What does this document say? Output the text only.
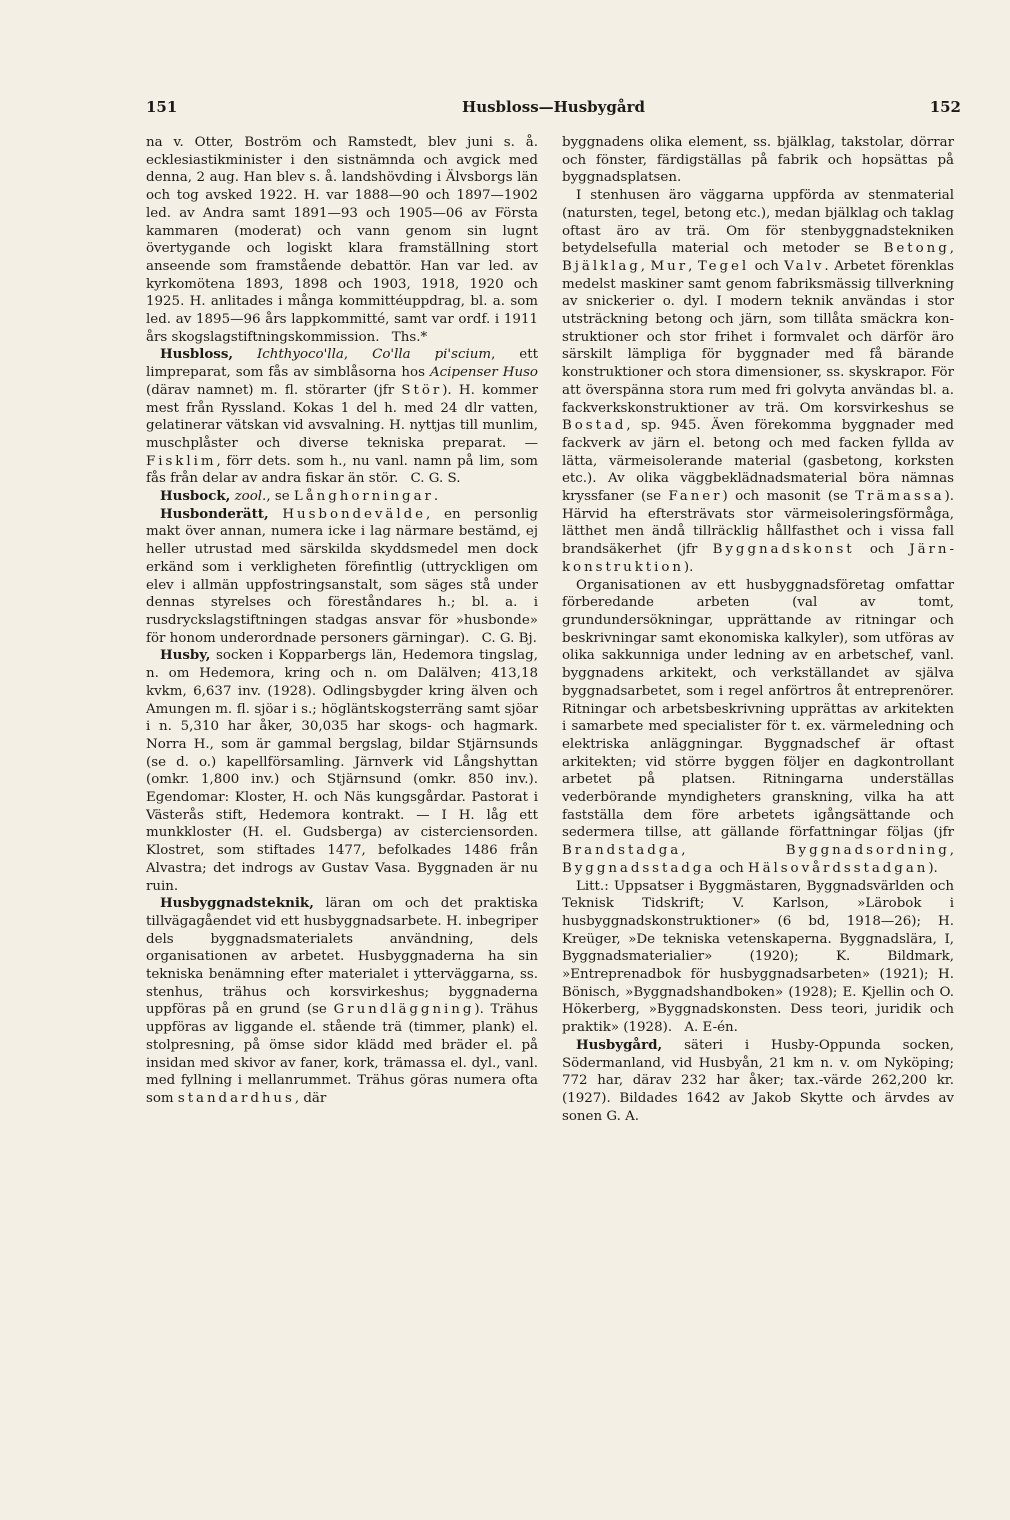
151	Husbloss—Husbygård	152

na v. Otter, Boström och Ramstedt, blev juni s. å. ecklesiastikminister i den sistnämnda och avgick med denna, 2 aug. Han blev s. å. landshövding i Älvsborgs län och tog avsked 1922. H. var 1888—90 och 1897—1902 led. av Andra samt 1891—93 och 1905—06 av Första kammaren (moderat) och vann genom sin lugnt övertygande och logiskt klara framställning stort anseende som framstående debattör. Han var led. av kyrkomötena 1893, 1898 och 1903, 1918, 1920 och 1925. H. anlitades i många kommittéuppdrag, bl. a. som led. av 1895—96 års lappkommitté, samt var ordf. i 1911 års skogslagstiftningskommission. Ths.*

Husbloss, Ichthyoco'lla, Co'lla pi'scium, ett limpreparat, som fås av simblåsorna hos Acipenser Huso (därav namnet) m. fl. störarter (jfr Stör). H. kommer mest från Ryssland. Kokas 1 del h. med 24 dlr vatten, gelatinerar vätskan vid avsvalning. H. nyttjas till munlim, muschplåster och diverse tekniska preparat. — Fisklim, förr dets. som h., nu vanl. namn på lim, som fås från delar av andra fiskar än stör. C. G. S.

Husbock, zool., se Långhorningar.

Husbonderätt, Husbondevälde, en personlig makt över annan, numera icke i lag närmare bestämd, ej heller utrustad med särskilda skyddsmedel men dock erkänd som i verkligheten förefintlig (uttryckligen om elev i allmän uppfostringsanstalt, som säges stå under dennas styrelses och föreståndares h.; bl. a. i rusdryckslagstiftningen stadgas ansvar för »husbonde» för honom underordnade personers gärningar). C. G. Bj.

Husby, socken i Kopparbergs län, Hedemora tingslag, n. om Hedemora, kring och n. om Dalälven; 413,18 kvkm, 6,637 inv. (1928). Odlingsbygder kring älven och Amungen m. fl. sjöar i s.; högläntskogsterräng samt sjöar i n. 5,310 har åker, 30,035 har skogs- och hagmark. Norra H., som är gammal bergslag, bildar Stjärnsunds (se d. o.) kapellförsamling. Järnverk vid Långshyttan (omkr. 1,800 inv.) och Stjärnsund (omkr. 850 inv.). Egendomar: Kloster, H. och Näs kungsgårdar. Pastorat i Västerås stift, Hedemora kontrakt. — I H. låg ett munkkloster (H. el. Gudsberga) av cisterciensorden. Klostret, som stiftades 1477, befolkades 1486 från Alvastra; det indrogs av Gustav Vasa. Byggnaden är nu ruin.

Husbyggnadsteknik, läran om och det praktiska tillvägagåendet vid ett husbyggnadsarbete. H. inbegriper dels byggnadsmaterialets användning, dels organisationen av arbetet. Husbyggnaderna ha sin tekniska benämning efter materialet i ytterväggarna, ss. stenhus, trähus och korsvirkeshus; byggnaderna uppföras på en grund (se Grundläggning). Trähus uppföras av liggande el. stående trä (timmer, plank) el. stolpresning, på ömse sidor klädd med bräder el. på insidan med skivor av faner, kork, trämassa el. dyl., vanl. med fyllning i mellanrummet. Trähus göras numera ofta som standardhus, där

byggnadens olika element, ss. bjälklag, takstolar, dörrar och fönster, färdigställas på fabrik och hopsättas på byggnadsplatsen.

I stenhusen äro väggarna uppförda av stenmaterial (natursten, tegel, betong etc.), medan bjälklag och taklag oftast äro av trä. Om för stenbyggnadstekniken betydelsefulla material och metoder se Betong, Bjälklag, Mur, Tegel och Valv. Arbetet förenklas medelst maskiner samt genom fabriksmässig tillverkning av snickerier o. dyl. I modern teknik användas i stor utsträckning betong och järn, som tillåta smäckra konstruktioner och stor frihet i formvalet och därför äro särskilt lämpliga för byggnader med få bärande konstruktioner och stora dimensioner, ss. skyskrapor. För att överspänna stora rum med fri golvyta användas bl. a. fackverkskonstruktioner av trä. Om korsvirkeshus se Bostad, sp. 945. Även förekomma byggnader med fackverk av järn el. betong och med facken fyllda av lätta, värmeisolerande material (gasbetong, korksten etc.). Av olika väggbeklädnadsmaterial böra nämnas kryssfaner (se Faner) och masonit (se Trämassa). Härvid ha eftersträvats stor värmeisoleringsförmåga, lätthet men ändå tillräcklig hållfasthet och i vissa fall brandsäkerhet (jfr Byggnadskonst och Järnkonstruktion).

Organisationen av ett husbyggnadsföretag omfattar förberedande arbeten (val av tomt, grundundersökningar, upprättande av ritningar och beskrivningar samt ekonomiska kalkyler), som utföras av olika sakkunniga under ledning av en arbetschef, vanl. byggnadens arkitekt, och verkställandet av själva byggnadsarbetet, som i regel anförtros åt entreprenörer. Ritningar och arbetsbeskrivning upprättas av arkitekten i samarbete med specialister för t. ex. värmeledning och elektriska anläggningar. Byggnadschef är oftast arkitekten; vid större byggen följer en dagkontrollant arbetet på platsen. Ritningarna underställas vederbörande myndigheters granskning, vilka ha att fastställa dem före arbetets igångsättande och sedermera tillse, att gällande författningar följas (jfr Brandstadga, Byggnadsordning, Byggnadsstadga och Hälsovårdsstadgan).

Litt.: Uppsatser i Byggmästaren, Byggnadsvärlden och Teknisk Tidskrift; V. Karlson, »Lärobok i husbyggnadskonstruktioner» (6 bd, 1918—26); H. Kreüger, »De tekniska vetenskaperna. Byggnadslära, I, Byggnadsmaterialier» (1920); K. Bildmark, »Entreprenadbok för husbyggnadsarbeten» (1921); H. Bönisch, »Byggnadshandboken» (1928); E. Kjellin och O. Hökerberg, »Byggnadskonsten. Dess teori, juridik och praktik» (1928). A. E-én.

Husbygård, säteri i Husby-Oppunda socken, Södermanland, vid Husbyån, 21 km n. v. om Nyköping; 772 har, därav 232 har åker; tax.-värde 262,200 kr. (1927). Bildades 1642 av Jakob Skytte och ärvdes av sonen G. A.
